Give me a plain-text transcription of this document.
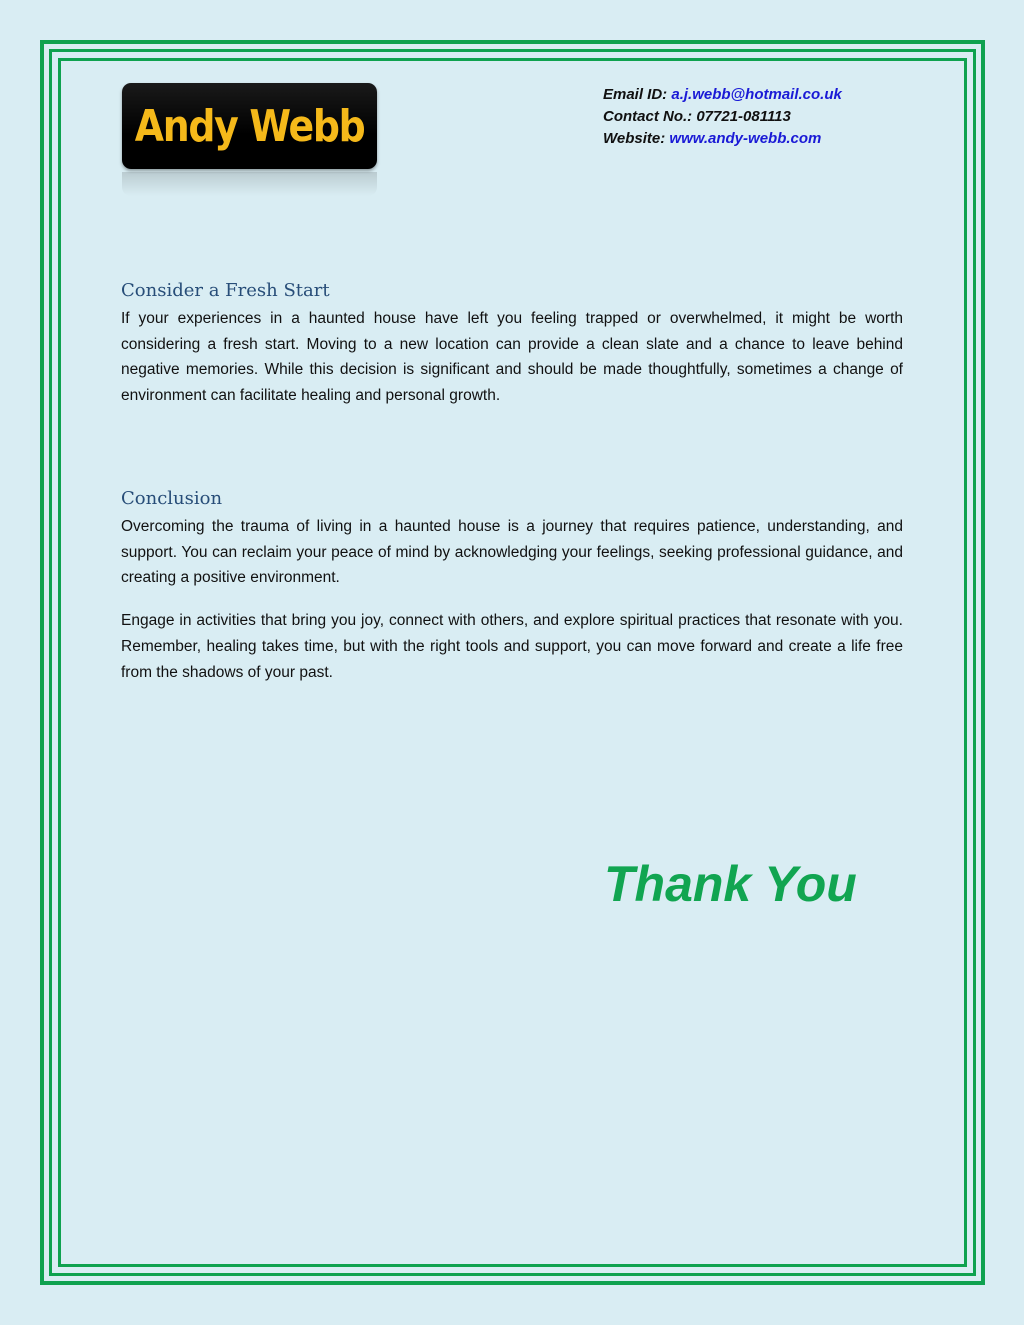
Andy Webb
Email ID: a.j.webb@hotmail.co.uk
Contact No.: 07721-081113
Website: www.andy-webb.com
Consider a Fresh Start

If your experiences in a haunted house have left you feeling trapped or overwhelmed, it might be worth considering a fresh start. Moving to a new location can provide a clean slate and a chance to leave behind negative memories. While this decision is significant and should be made thoughtfully, sometimes a change of environment can facilitate healing and personal growth.

Conclusion

Overcoming the trauma of living in a haunted house is a journey that requires patience, understanding, and support. You can reclaim your peace of mind by acknowledging your feelings, seeking professional guidance, and creating a positive environment.

Engage in activities that bring you joy, connect with others, and explore spiritual practices that resonate with you. Remember, healing takes time, but with the right tools and support, you can move forward and create a life free from the shadows of your past.

Thank You
